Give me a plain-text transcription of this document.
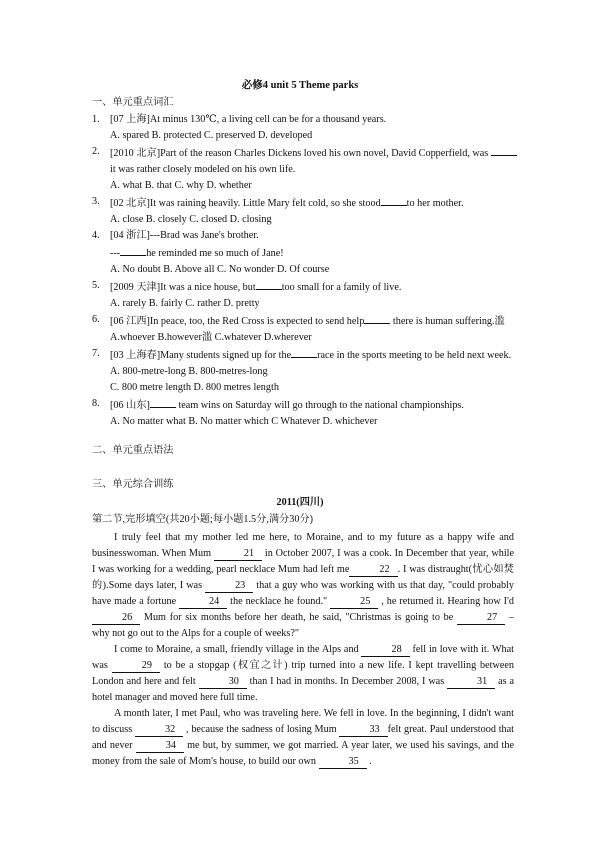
必修4 unit 5 Theme parks
一、单元重点词汇
1. [07 上海]At minus 130℃, a living cell can be for a thousand years.
A. spared B. protected C. preserved D. developed
2. [2010 北京]Part of the reason Charles Dickens loved his own novel, David Copperfield, was  it was rather closely modeled on his own life.
A. what B. that C. why D. whether
3. [02 北京]It was raining heavily. Little Mary felt cold, so she stood	to her mother.
A. close B. closely C. closed D. closing
4. [04 浙江]---Brad was Jane's brother.
---	he reminded me so much of Jane!
A. No doubt B. Above all C. No wonder D. Of course
5. [2009 天津]It was a nice house, but	too small for a family of live.
A. rarely B. fairly C. rather D. pretty
6. [06 江西]In peace, too, the Red Cross is expected to send help	there is human suffering.滥
A.whoever B.however滥 C.whatever D.wherever
7. [03 上海春]Many students signed up for the	race in the sports meeting to be held next week.
A. 800-metre-long B. 800-metres-long
C. 800 metre length D. 800 metres length
8. [06 山东]	team wins on Saturday will go through to the national championships.
A. No matter what B. No matter which C Whatever D. whichever
二、单元重点语法
三、单元综合训练
2011(四川)
第二节,完形填空(共20小题;每小题1.5分,满分30分)

I truly feel that my mother led me here, to Moraine, and to my future as a happy wife and businesswoman. When Mum	21 in October 2007, I was a cook. In December that year, while I was working for a wedding, pearl necklace Mum had left me	22 . I was distraught(忧心如焚的).Some days later, I was	23 that a guy who was working with us that day, "could probably have made a fortune	24 the necklace he found."	25 , he returned it. Hearing how I'd 26 Mum for six months before her death, he said, "Christmas is going to be	27 – why not go out to the Alps for a couple of weeks?"

I come to Moraine, a small, friendly village in the Alps and	28 fell in love with it. What was	29 to be a stopgap (权宜之计) trip turned into a new life. I kept travelling between London and here and felt	30 than I had in months. In December 2008, I was	31 as a hotel manager and moved here full time.

A month later, I met Paul, who was traveling here. We fell in love. In the beginning, I didn't want to discuss	32 , because the sadness of losing Mum	33 felt great. Paul understood that and never	34 me but, by summer, we got married. A year later, we used his savings, and the money from the sale of Mom's house, to build our own	35 .
